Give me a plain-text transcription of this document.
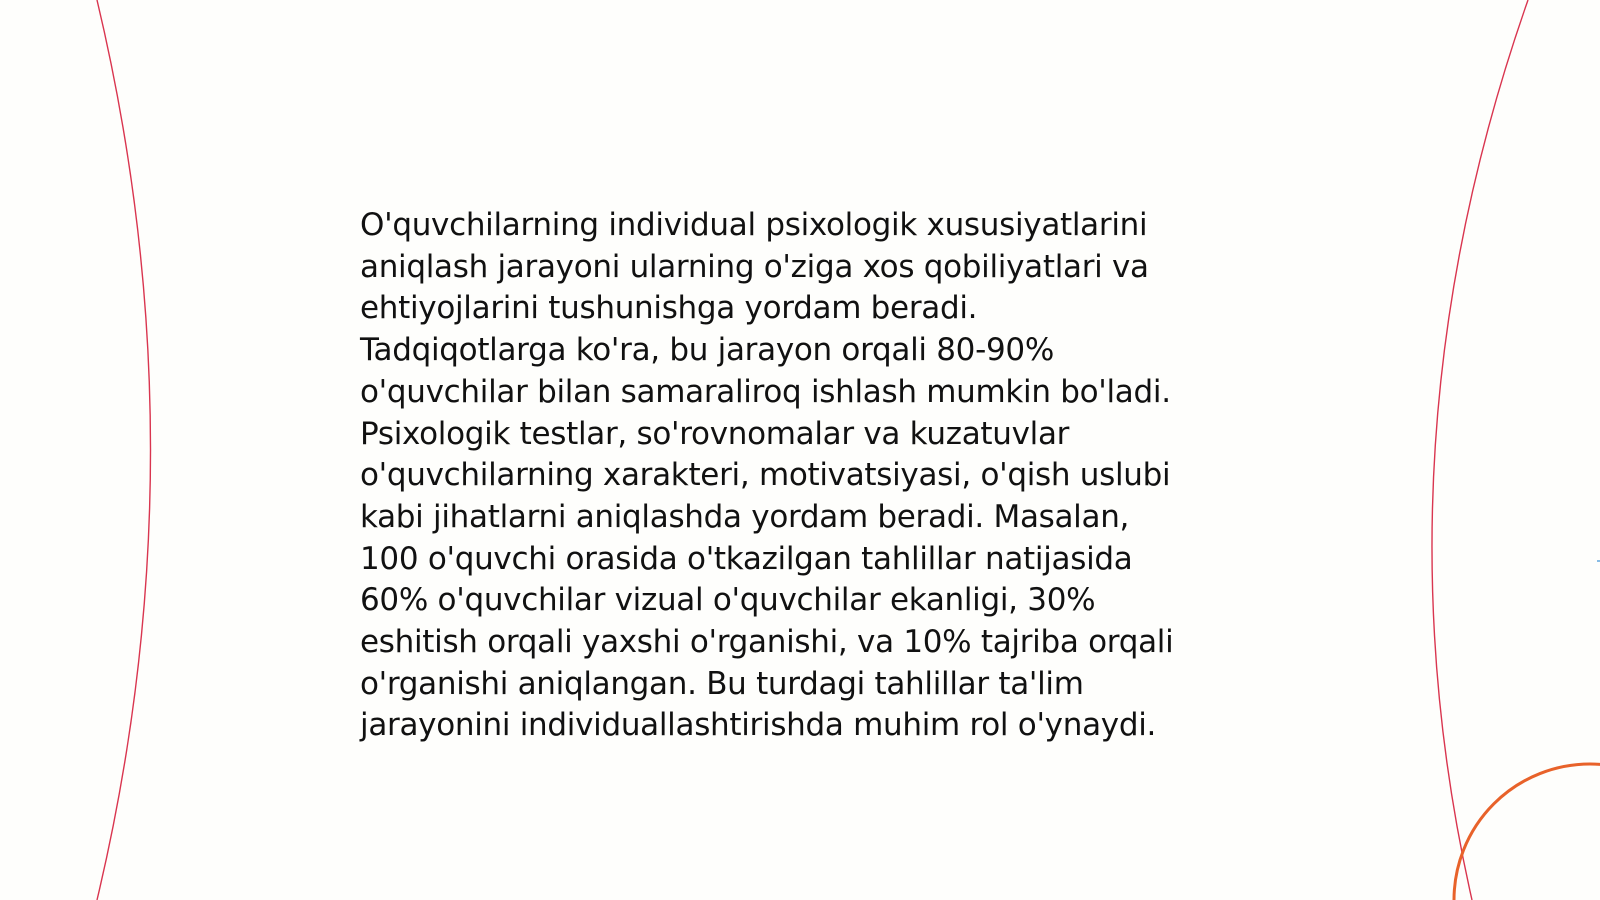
O'quvchilarning individual psixologik xususiyatlarini
aniqlash jarayoni ularning o'ziga xos qobiliyatlari va
ehtiyojlarini tushunishga yordam beradi.
Tadqiqotlarga ko'ra, bu jarayon orqali 80-90%
o'quvchilar bilan samaraliroq ishlash mumkin bo'ladi.
Psixologik testlar, so'rovnomalar va kuzatuvlar
o'quvchilarning xarakteri, motivatsiyasi, o'qish uslubi
kabi jihatlarni aniqlashda yordam beradi. Masalan,
100 o'quvchi orasida o'tkazilgan tahlillar natijasida
60% o'quvchilar vizual o'quvchilar ekanligi, 30%
eshitish orqali yaxshi o'rganishi, va 10% tajriba orqali
o'rganishi aniqlangan. Bu turdagi tahlillar ta'lim
jarayonini individuallashtirishda muhim rol o'ynaydi.
